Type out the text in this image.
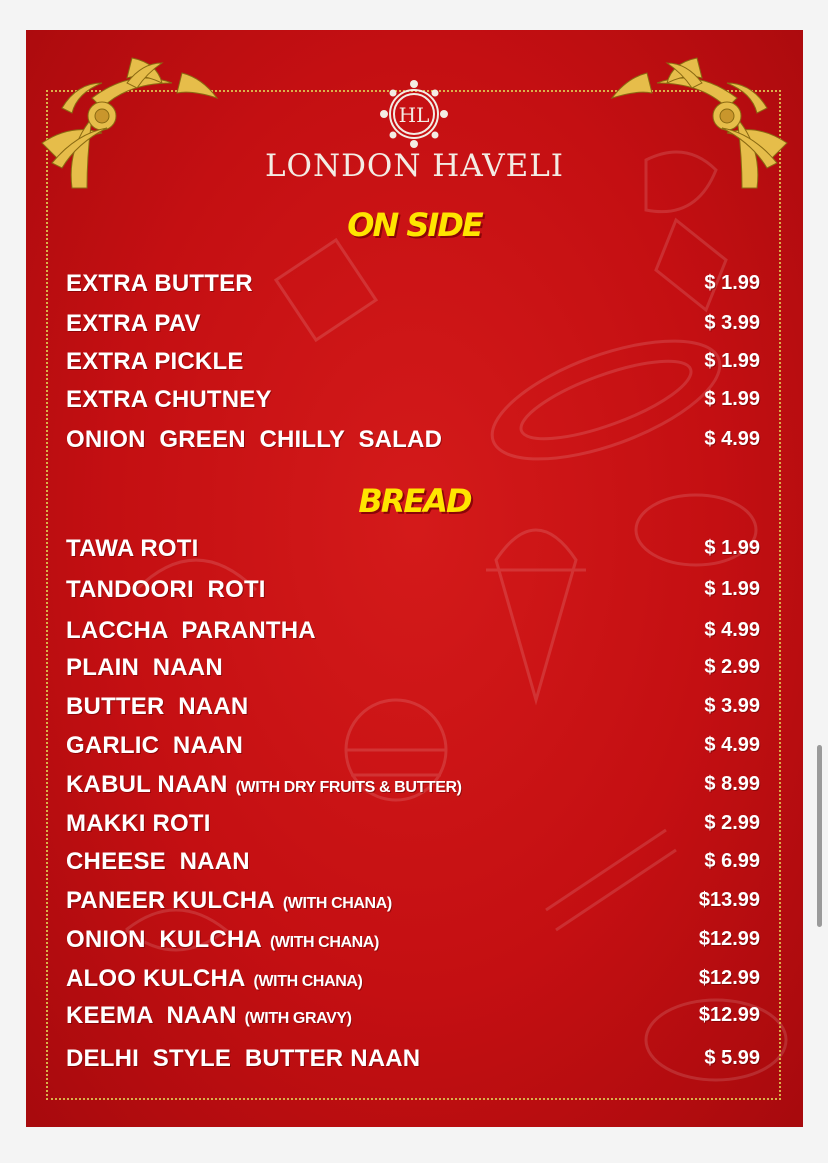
HL
LONDON HAVELI
ON SIDE
EXTRA BUTTER	$ 1.99
EXTRA PAV	$ 3.99
EXTRA PICKLE	$ 1.99
EXTRA CHUTNEY	$ 1.99
ONION  GREEN  CHILLY  SALAD	$ 4.99
BREAD
TAWA ROTI	$ 1.99
TANDOORI  ROTI	$ 1.99
LACCHA  PARANTHA	$ 4.99
PLAIN  NAAN	$ 2.99
BUTTER  NAAN	$ 3.99
GARLIC  NAAN	$ 4.99
KABUL NAAN (WITH DRY FRUITS & BUTTER)	$ 8.99
MAKKI ROTI	$ 2.99
CHEESE  NAAN	$ 6.99
PANEER KULCHA (WITH CHANA)	$13.99
ONION  KULCHA (WITH CHANA)	$12.99
ALOO KULCHA (WITH CHANA)	$12.99
KEEMA  NAAN (WITH GRAVY)	$12.99
DELHI  STYLE  BUTTER NAAN	$ 5.99
